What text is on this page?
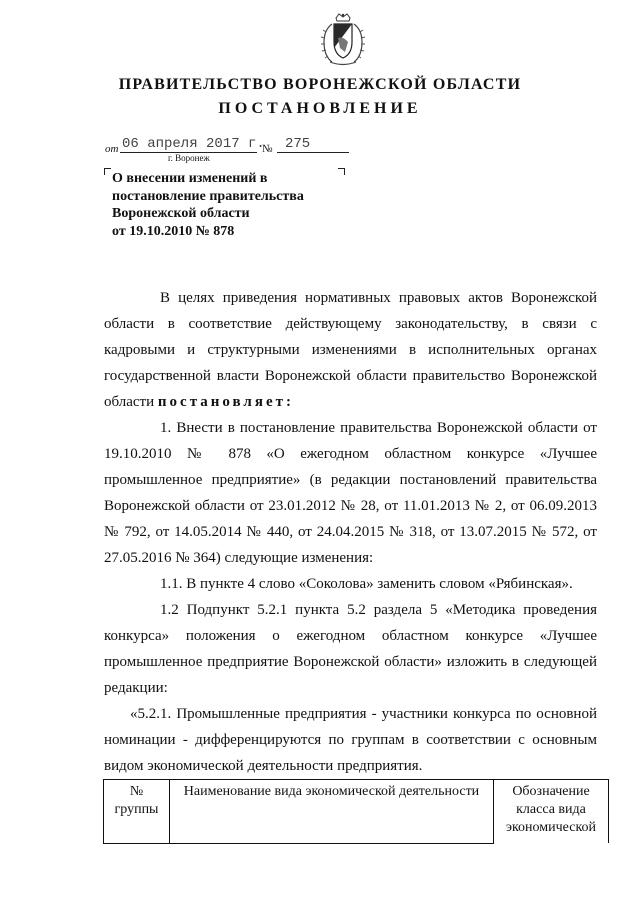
ПРАВИТЕЛЬСТВО ВОРОНЕЖСКОЙ ОБЛАСТИ
ПОСТАНОВЛЕНИЕ
от 06 апреля 2017 г.
№ 275
г. Воронеж

О внесении изменений в
постановление правительства
Воронежской области
от 19.10.2010 № 878

В целях приведения нормативных правовых актов Воронежской области в соответствие действующему законодательству, в связи с кадровыми и структурными изменениями в исполнительных органах государственной власти Воронежской области правительство Воронежской области постановляет:

1. Внести в постановление правительства Воронежской области от 19.10.2010 № 878 «О ежегодном областном конкурсе «Лучшее промышленное предприятие» (в редакции постановлений правительства Воронежской области от 23.01.2012 № 28, от 11.01.2013 № 2, от 06.09.2013 № 792, от 14.05.2014 № 440, от 24.04.2015 № 318, от 13.07.2015 № 572, от 27.05.2016 № 364) следующие изменения:

1.1. В пункте 4 слово «Соколова» заменить словом «Рябинская».

1.2 Подпункт 5.2.1 пункта 5.2 раздела 5 «Методика проведения конкурса» положения о ежегодном областном конкурсе «Лучшее промышленное предприятие Воронежской области» изложить в следующей редакции:

«5.2.1. Промышленные предприятия - участники конкурса по основной номинации - дифференцируются по группам в соответствии с основным видом экономической деятельности предприятия.

№ группы	Наименование вида экономической деятельности	Обозначение класса вида экономической
